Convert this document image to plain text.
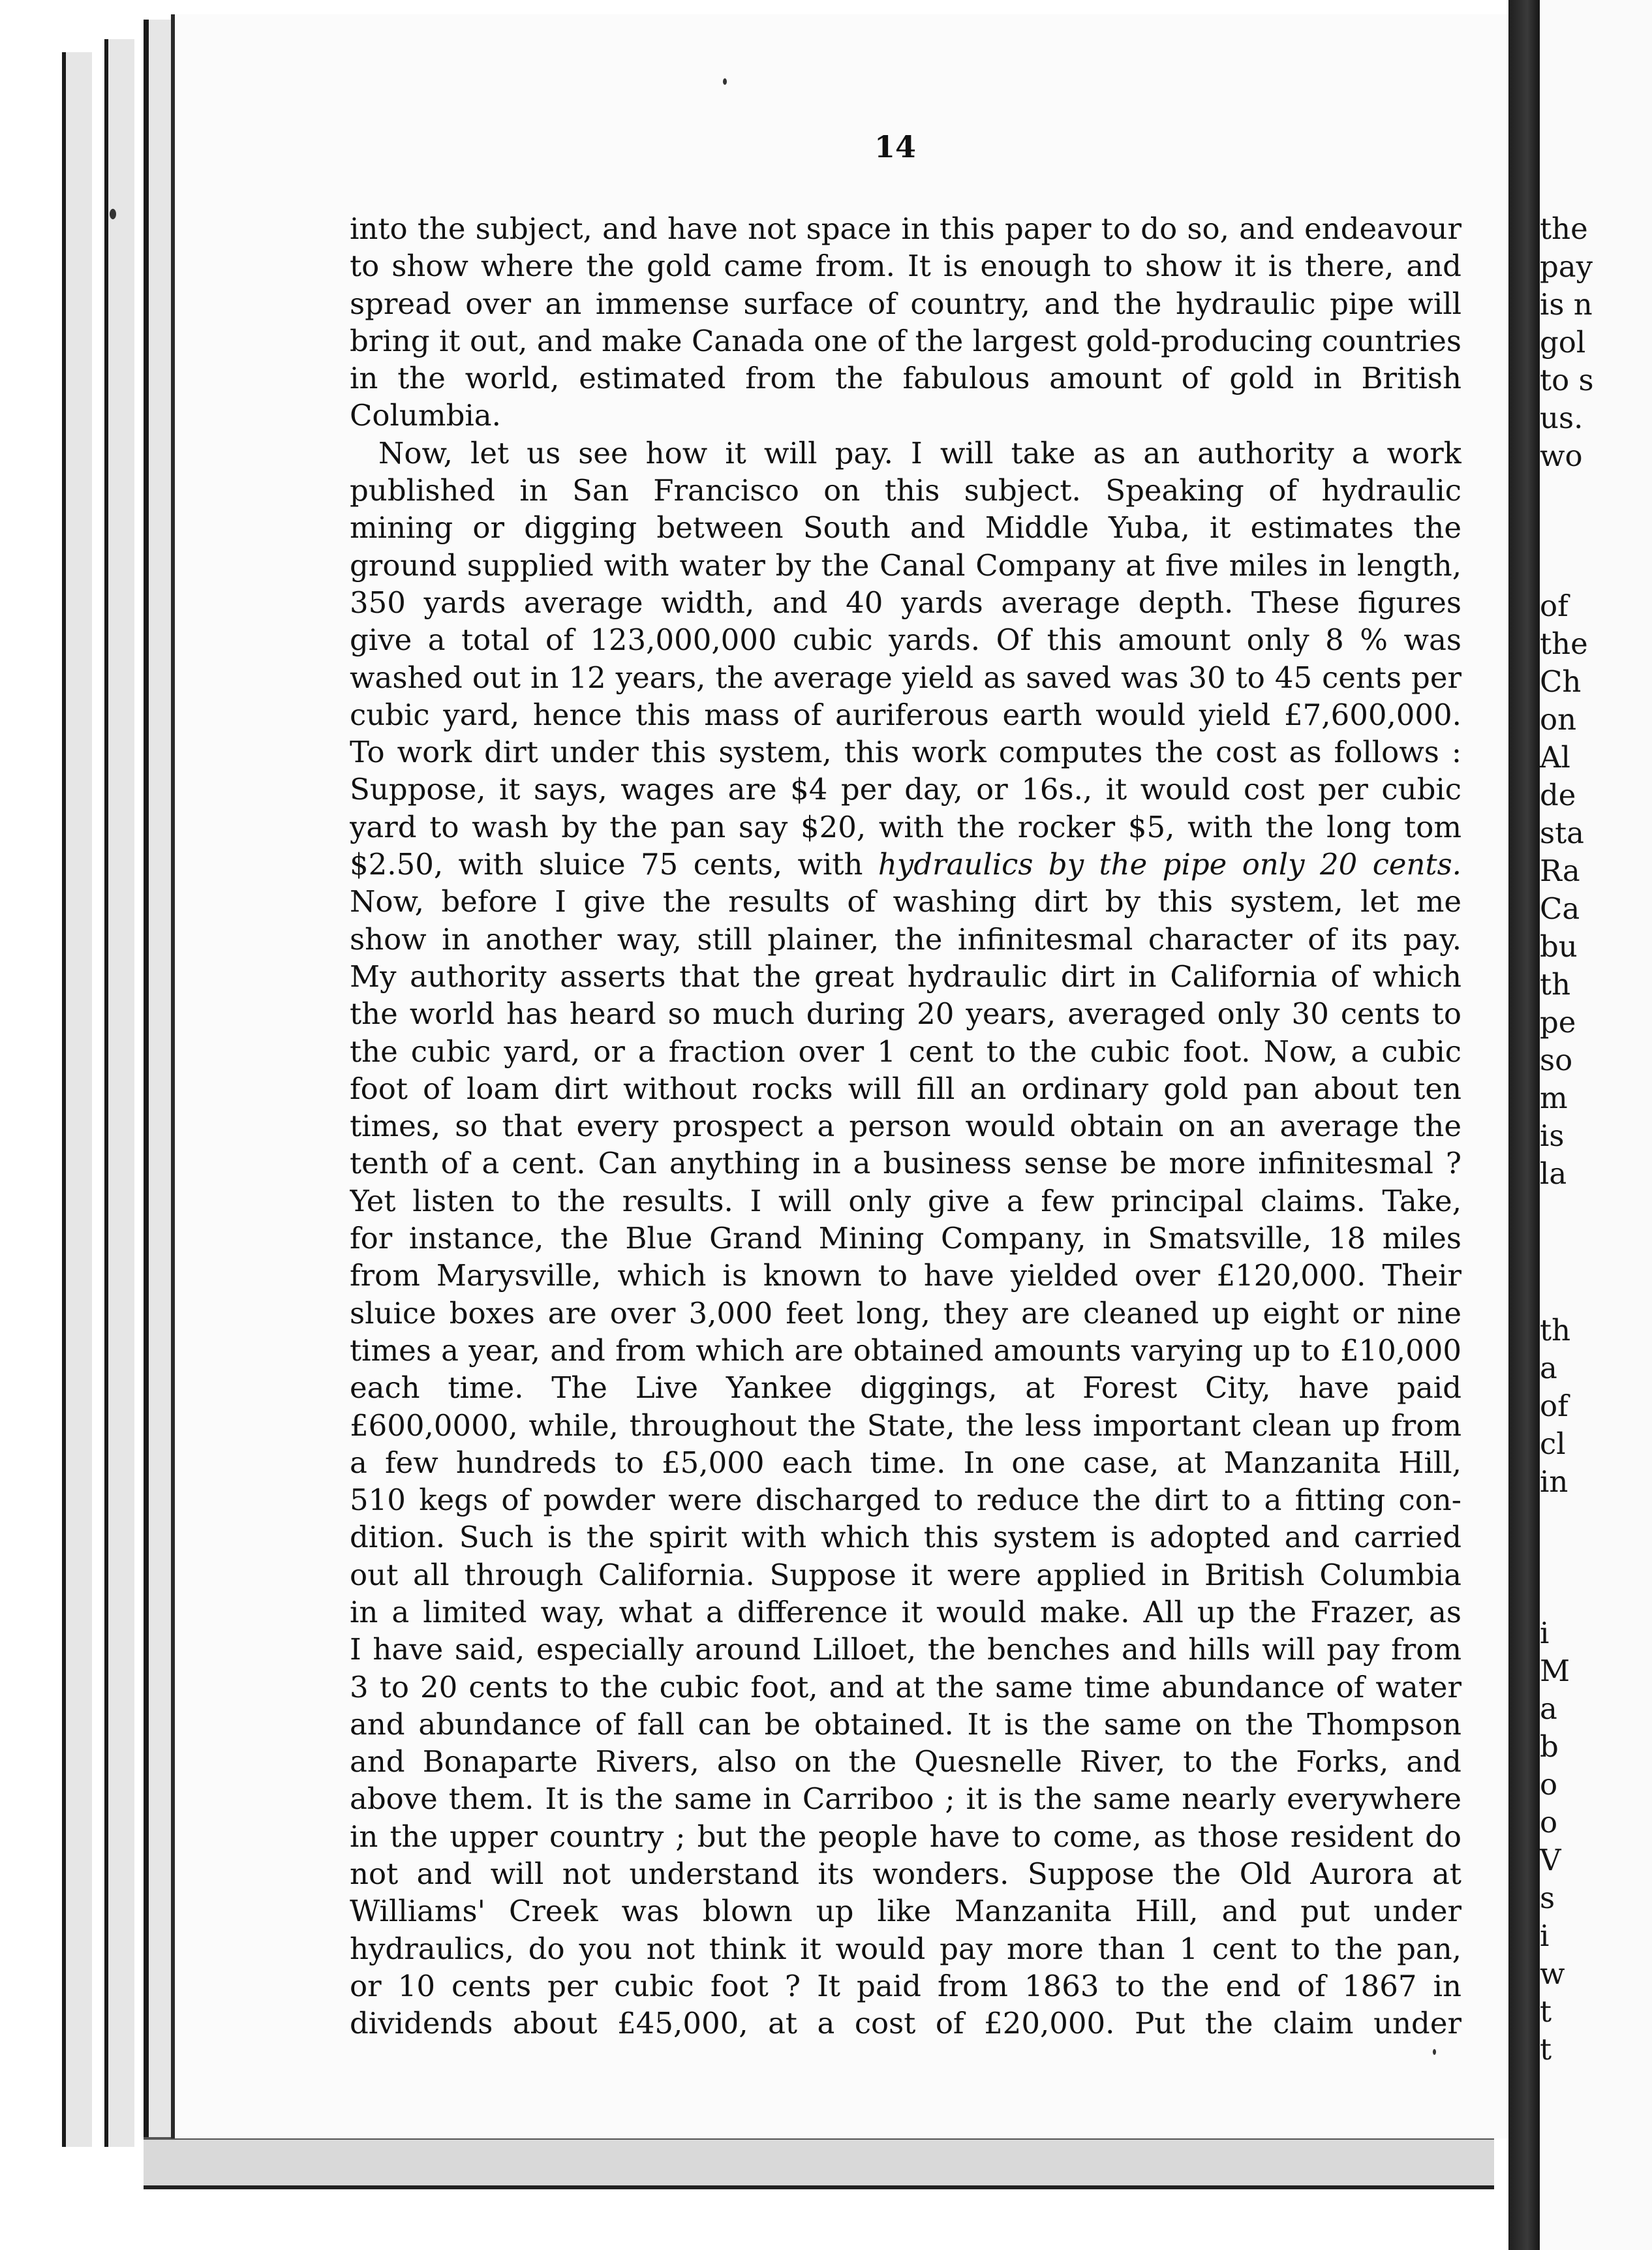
14
into the subject, and have not space in this paper to do so, and endeavour
to show where the gold came from. It is enough to show it is there, and
spread over an immense surface of country, and the hydraulic pipe will
bring it out, and make Canada one of the largest gold-producing countries
in the world, estimated from the fabulous amount of gold in British
Columbia.
Now, let us see how it will pay. I will take as an authority a work
published in San Francisco on this subject. Speaking of hydraulic
mining or digging between South and Middle Yuba, it estimates the
ground supplied with water by the Canal Company at five miles in length,
350 yards average width, and 40 yards average depth. These figures
give a total of 123,000,000 cubic yards. Of this amount only 8 % was
washed out in 12 years, the average yield as saved was 30 to 45 cents per
cubic yard, hence this mass of auriferous earth would yield £7,600,000.
To work dirt under this system, this work computes the cost as follows :
Suppose, it says, wages are $4 per day, or 16s., it would cost per cubic
yard to wash by the pan say $20, with the rocker $5, with the long tom
$2.50, with sluice 75 cents, with hydraulics by the pipe only 20 cents.
Now, before I give the results of washing dirt by this system, let me
show in another way, still plainer, the infinitesmal character of its pay.
My authority asserts that the great hydraulic dirt in California of which
the world has heard so much during 20 years, averaged only 30 cents to
the cubic yard, or a fraction over 1 cent to the cubic foot. Now, a cubic
foot of loam dirt without rocks will fill an ordinary gold pan about ten
times, so that every prospect a person would obtain on an average the
tenth of a cent. Can anything in a business sense be more infinitesmal ?
Yet listen to the results. I will only give a few principal claims. Take,
for instance, the Blue Grand Mining Company, in Smatsville, 18 miles
from Marysville, which is known to have yielded over £120,000. Their
sluice boxes are over 3,000 feet long, they are cleaned up eight or nine
times a year, and from which are obtained amounts varying up to £10,000
each time. The Live Yankee diggings, at Forest City, have paid
£600,0000, while, throughout the State, the less important clean up from
a few hundreds to £5,000 each time. In one case, at Manzanita Hill,
510 kegs of powder were discharged to reduce the dirt to a fitting con-
dition. Such is the spirit with which this system is adopted and carried
out all through California. Suppose it were applied in British Columbia
in a limited way, what a difference it would make. All up the Frazer, as
I have said, especially around Lilloet, the benches and hills will pay from
3 to 20 cents to the cubic foot, and at the same time abundance of water
and abundance of fall can be obtained. It is the same on the Thompson
and Bonaparte Rivers, also on the Quesnelle River, to the Forks, and
above them. It is the same in Carriboo ; it is the same nearly everywhere
in the upper country ; but the people have to come, as those resident do
not and will not understand its wonders. Suppose the Old Aurora at
Williams' Creek was blown up like Manzanita Hill, and put under
hydraulics, do you not think it would pay more than 1 cent to the pan,
or 10 cents per cubic foot ? It paid from 1863 to the end of 1867 in
dividends about £45,000, at a cost of £20,000. Put the claim under
the
pay
is n
gol
to s
us.
wo
of
the
Ch
on
Al
de
sta
Ra
Ca
bu
th
pe
so
m
is
la
th
a
of
cl
in
i
M
a
b
o
o
V
s
i
w
t
t
